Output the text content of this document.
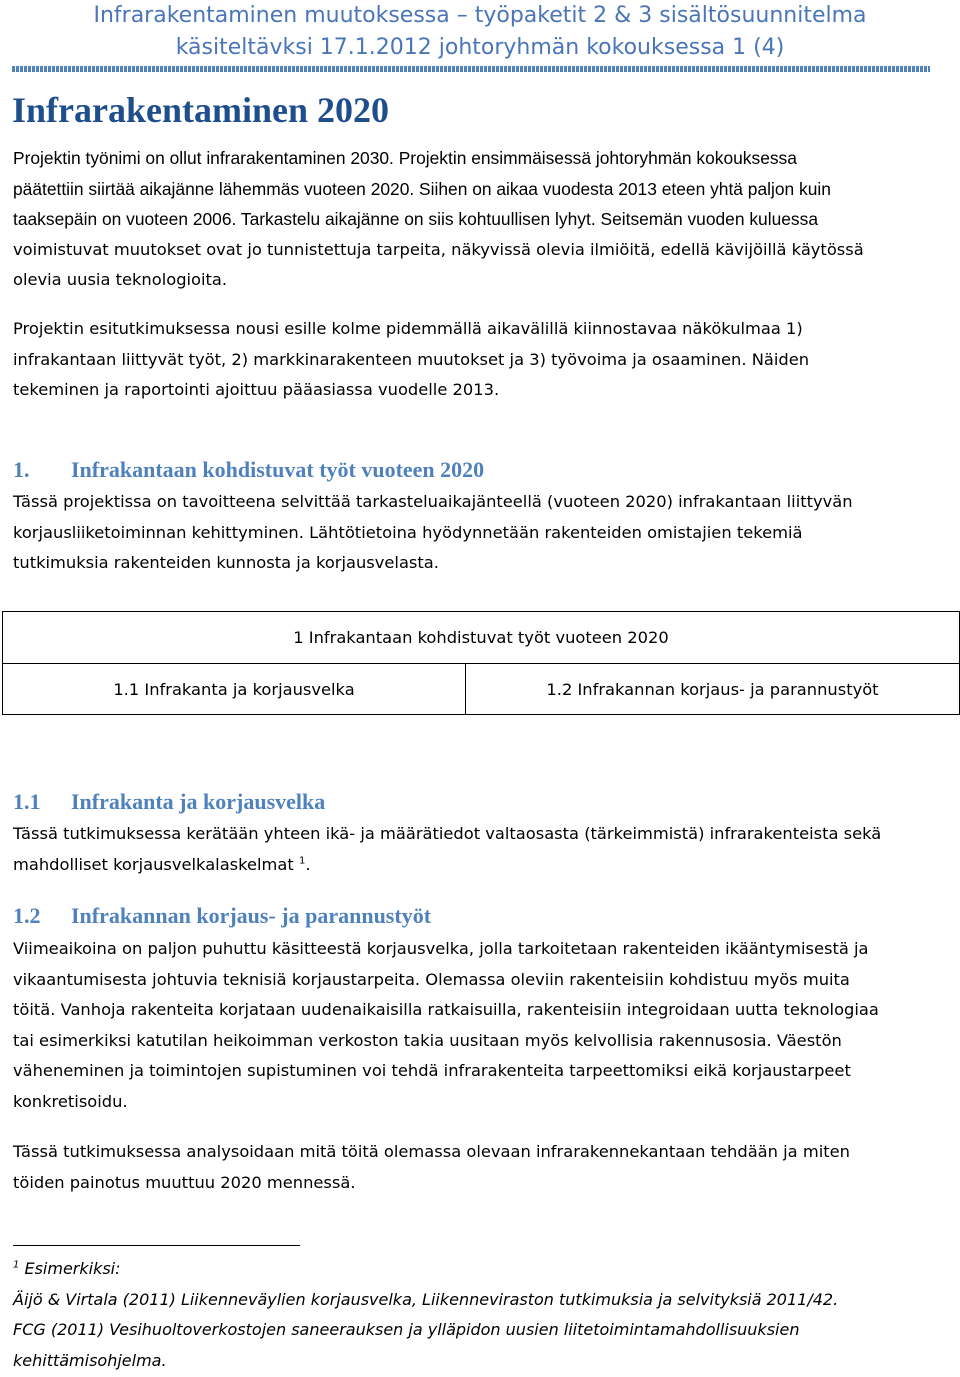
Infrarakentaminen muutoksessa – työpaketit 2 & 3 sisältösuunnitelma
käsiteltävksi 17.1.2012 johtoryhmän kokouksessa 1 (4)
Infrarakentaminen 2020

Projektin työnimi on ollut infrarakentaminen 2030. Projektin ensimmäisessä johtoryhmän kokouksessa
päätettiin siirtää aikajänne lähemmäs vuoteen 2020. Siihen on aikaa vuodesta 2013 eteen yhtä paljon kuin
taaksepäin on vuoteen 2006. Tarkastelu aikajänne on siis kohtuullisen lyhyt. Seitsemän vuoden kuluessa
voimistuvat muutokset ovat jo tunnistettuja tarpeita, näkyvissä olevia ilmiöitä, edellä kävijöillä käytössä
olevia uusia teknologioita.

Projektin esitutkimuksessa nousi esille kolme pidemmällä aikavälillä kiinnostavaa näkökulmaa 1)
infrakantaan liittyvät työt, 2) markkinarakenteen muutokset ja 3) työvoima ja osaaminen. Näiden
tekeminen ja raportointi ajoittuu pääasiassa vuodelle 2013.

1. Infrakantaan kohdistuvat työt vuoteen 2020

Tässä projektissa on tavoitteena selvittää tarkasteluaikajänteellä (vuoteen 2020) infrakantaan liittyvän
korjausliiketoiminnan kehittyminen. Lähtötietoina hyödynnetään rakenteiden omistajien tekemiä
tutkimuksia rakenteiden kunnosta ja korjausvelasta.

1 Infrakantaan kohdistuvat työt vuoteen 2020
1.1 Infrakanta ja korjausvelka	1.2 Infrakannan korjaus- ja parannustyöt
1.1 Infrakanta ja korjausvelka

Tässä tutkimuksessa kerätään yhteen ikä- ja määrätiedot valtaosasta (tärkeimmistä) infrarakenteista sekä
mahdolliset korjausvelkalaskelmat $^1$.

1.2 Infrakannan korjaus- ja parannustyöt

Viimeaikoina on paljon puhuttu käsitteestä korjausvelka, jolla tarkoitetaan rakenteiden ikääntymisestä ja
vikaantumisesta johtuvia teknisiä korjaustarpeita. Olemassa oleviin rakenteisiin kohdistuu myös muita
töitä. Vanhoja rakenteita korjataan uudenaikaisilla ratkaisuilla, rakenteisiin integroidaan uutta teknologiaa
tai esimerkiksi katutilan heikoimman verkoston takia uusitaan myös kelvollisia rakennusosia. Väestön
väheneminen ja toimintojen supistuminen voi tehdä infrarakenteita tarpeettomiksi eikä korjaustarpeet
konkretisoidu.

Tässä tutkimuksessa analysoidaan mitä töitä olemassa olevaan infrarakennekantaan tehdään ja miten
töiden painotus muuttuu 2020 mennessä.

$^1$ Esimerkiksi:
Äijö & Virtala (2011) Liikenneväylien korjausvelka, Liikenneviraston tutkimuksia ja selvityksiä 2011/42.
FCG (2011) Vesihuoltoverkostojen saneerauksen ja ylläpidon uusien liitetoimintamahdollisuuksien
kehittämisohjelma.
